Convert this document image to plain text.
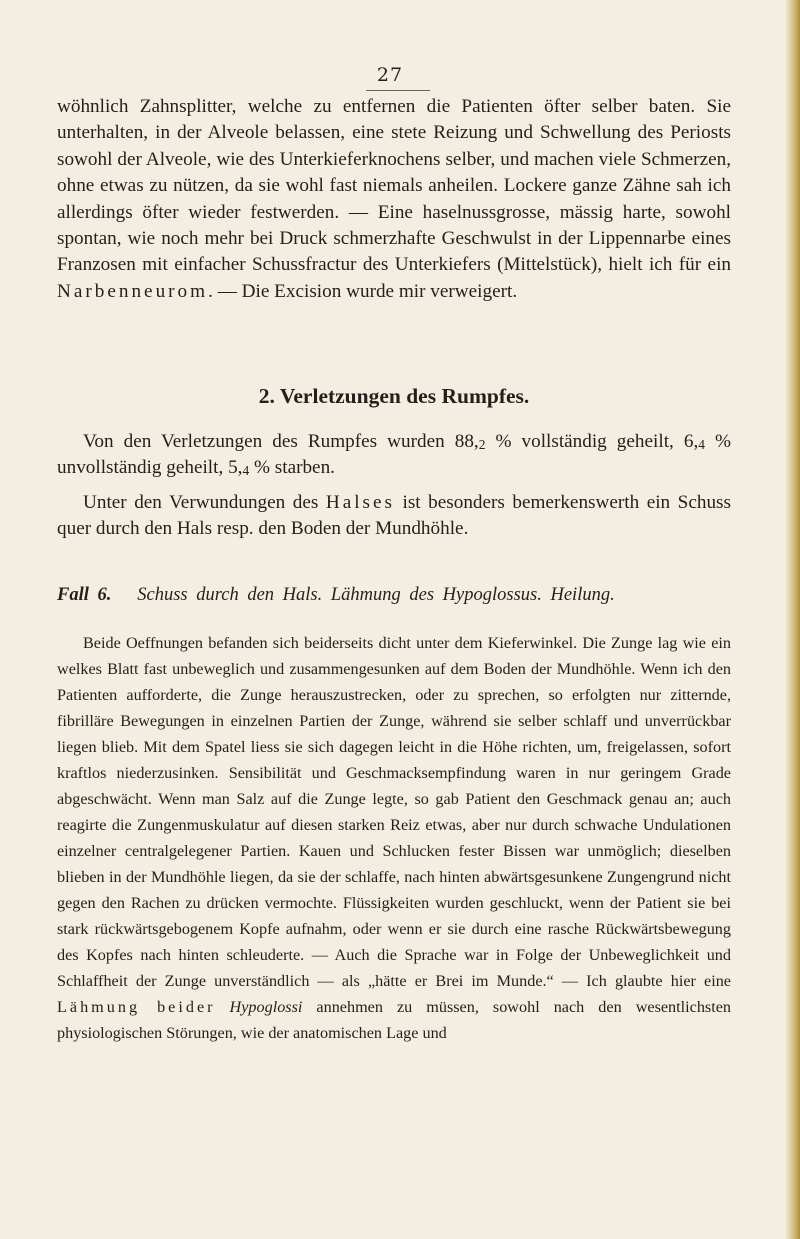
27

wöhnlich Zahnsplitter, welche zu entfernen die Patienten öfter selber baten. Sie unterhalten, in der Alveole belassen, eine stete Reizung und Schwellung des Periosts sowohl der Alveole, wie des Unterkieferknochens selber, und machen viele Schmerzen, ohne etwas zu nützen, da sie wohl fast niemals anheilen. Lockere ganze Zähne sah ich allerdings öfter wieder festwerden. — Eine haselnussgrosse, mässig harte, sowohl spontan, wie noch mehr bei Druck schmerzhafte Geschwulst in der Lippennarbe eines Franzosen mit einfacher Schussfractur des Unterkiefers (Mittelstück), hielt ich für ein Narbenneurom. — Die Excision wurde mir verweigert.

2. Verletzungen des Rumpfes.

Von den Verletzungen des Rumpfes wurden $88,_2$ % vollständig geheilt, $6,_4$ % unvollständig geheilt, $5,_4$ % starben.

Unter den Verwundungen des Halses ist besonders bemerkenswerth ein Schuss quer durch den Hals resp. den Boden der Mundhöhle.

Fall 6. Schuss durch den Hals. Lähmung des Hypoglossus. Heilung.

Beide Oeffnungen befanden sich beiderseits dicht unter dem Kieferwinkel. Die Zunge lag wie ein welkes Blatt fast unbeweglich und zusammengesunken auf dem Boden der Mundhöhle. Wenn ich den Patienten aufforderte, die Zunge herauszustrecken, oder zu sprechen, so erfolgten nur zitternde, fibrilläre Bewegungen in einzelnen Partien der Zunge, während sie selber schlaff und unverrückbar liegen blieb. Mit dem Spatel liess sie sich dagegen leicht in die Höhe richten, um, freigelassen, sofort kraftlos niederzusinken. Sensibilität und Geschmacksempfindung waren in nur geringem Grade abgeschwächt. Wenn man Salz auf die Zunge legte, so gab Patient den Geschmack genau an; auch reagirte die Zungenmuskulatur auf diesen starken Reiz etwas, aber nur durch schwache Undulationen einzelner centralgelegener Partien. Kauen und Schlucken fester Bissen war unmöglich; dieselben blieben in der Mundhöhle liegen, da sie der schlaffe, nach hinten abwärtsgesunkene Zungengrund nicht gegen den Rachen zu drücken vermochte. Flüssigkeiten wurden geschluckt, wenn der Patient sie bei stark rückwärtsgebogenem Kopfe aufnahm, oder wenn er sie durch eine rasche Rückwärtsbewegung des Kopfes nach hinten schleuderte. — Auch die Sprache war in Folge der Unbeweglichkeit und Schlaffheit der Zunge unverständlich — als „hätte er Brei im Munde.“ — Ich glaubte hier eine Lähmung beider Hypoglossi annehmen zu müssen, sowohl nach den wesentlichsten physiologischen Störungen, wie der anatomischen Lage und
